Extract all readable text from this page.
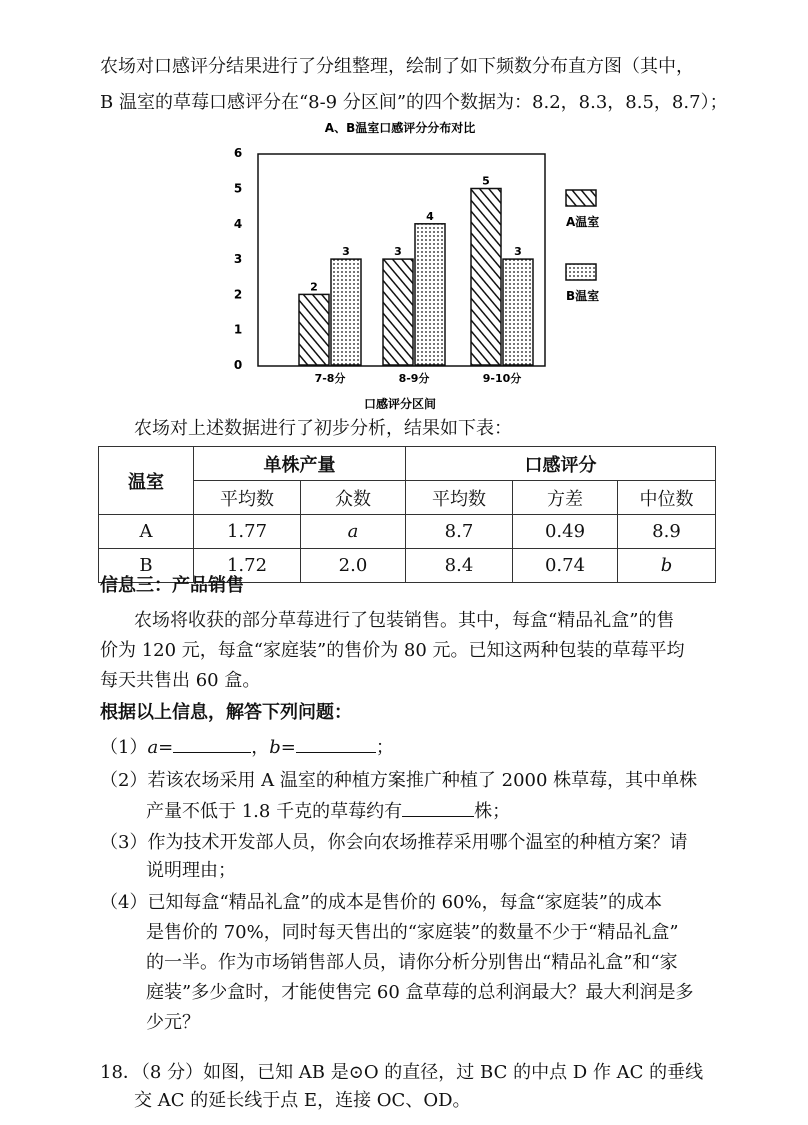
农场对口感评分结果进行了分组整理，绘制了如下频数分布直方图（其中，
B 温室的草莓口感评分在“8-9 分区间”的四个数据为：8.2，8.3，8.5，8.7）；
A、B温室口感评分分布对比
0
1
2
3
4
5
6
2
3	3
4
5
3
7-8分	8-9分	9-10分
口感评分区间
A温室
B温室
农场对上述数据进行了初步分析，结果如下表：
温室	单株产量		口感评分		
	平均数	众数	平均数	方差	中位数
A	1.77	a	8.7	0.49	8.9
B	1.72	2.0	8.4	0.74	b
信息三：产品销售
农场将收获的部分草莓进行了包装销售。其中，每盒“精品礼盒”的售
价为 120 元，每盒“家庭装”的售价为 80 元。已知这两种包装的草莓平均
每天共售出 60 盒。
根据以上信息，解答下列问题：
（1）a=	，b=	；
（2）若该农场采用 A 温室的种植方案推广种植了 2000 株草莓，其中单株
产量不低于 1.8 千克的草莓约有	株；
（3）作为技术开发部人员，你会向农场推荐采用哪个温室的种植方案？请
说明理由；
（4）已知每盒“精品礼盒”的成本是售价的 60%，每盒“家庭装”的成本
是售价的 70%，同时每天售出的“家庭装”的数量不少于“精品礼盒”
的一半。作为市场销售部人员，请你分析分别售出“精品礼盒”和“家
庭装”多少盒时，才能使售完 60 盒草莓的总利润最大？最大利润是多
少元？
18．（8 分）如图，已知 AB 是⊙O 的直径，过 BC 的中点 D 作 AC 的垂线
交 AC 的延长线于点 E，连接 OC、OD。
